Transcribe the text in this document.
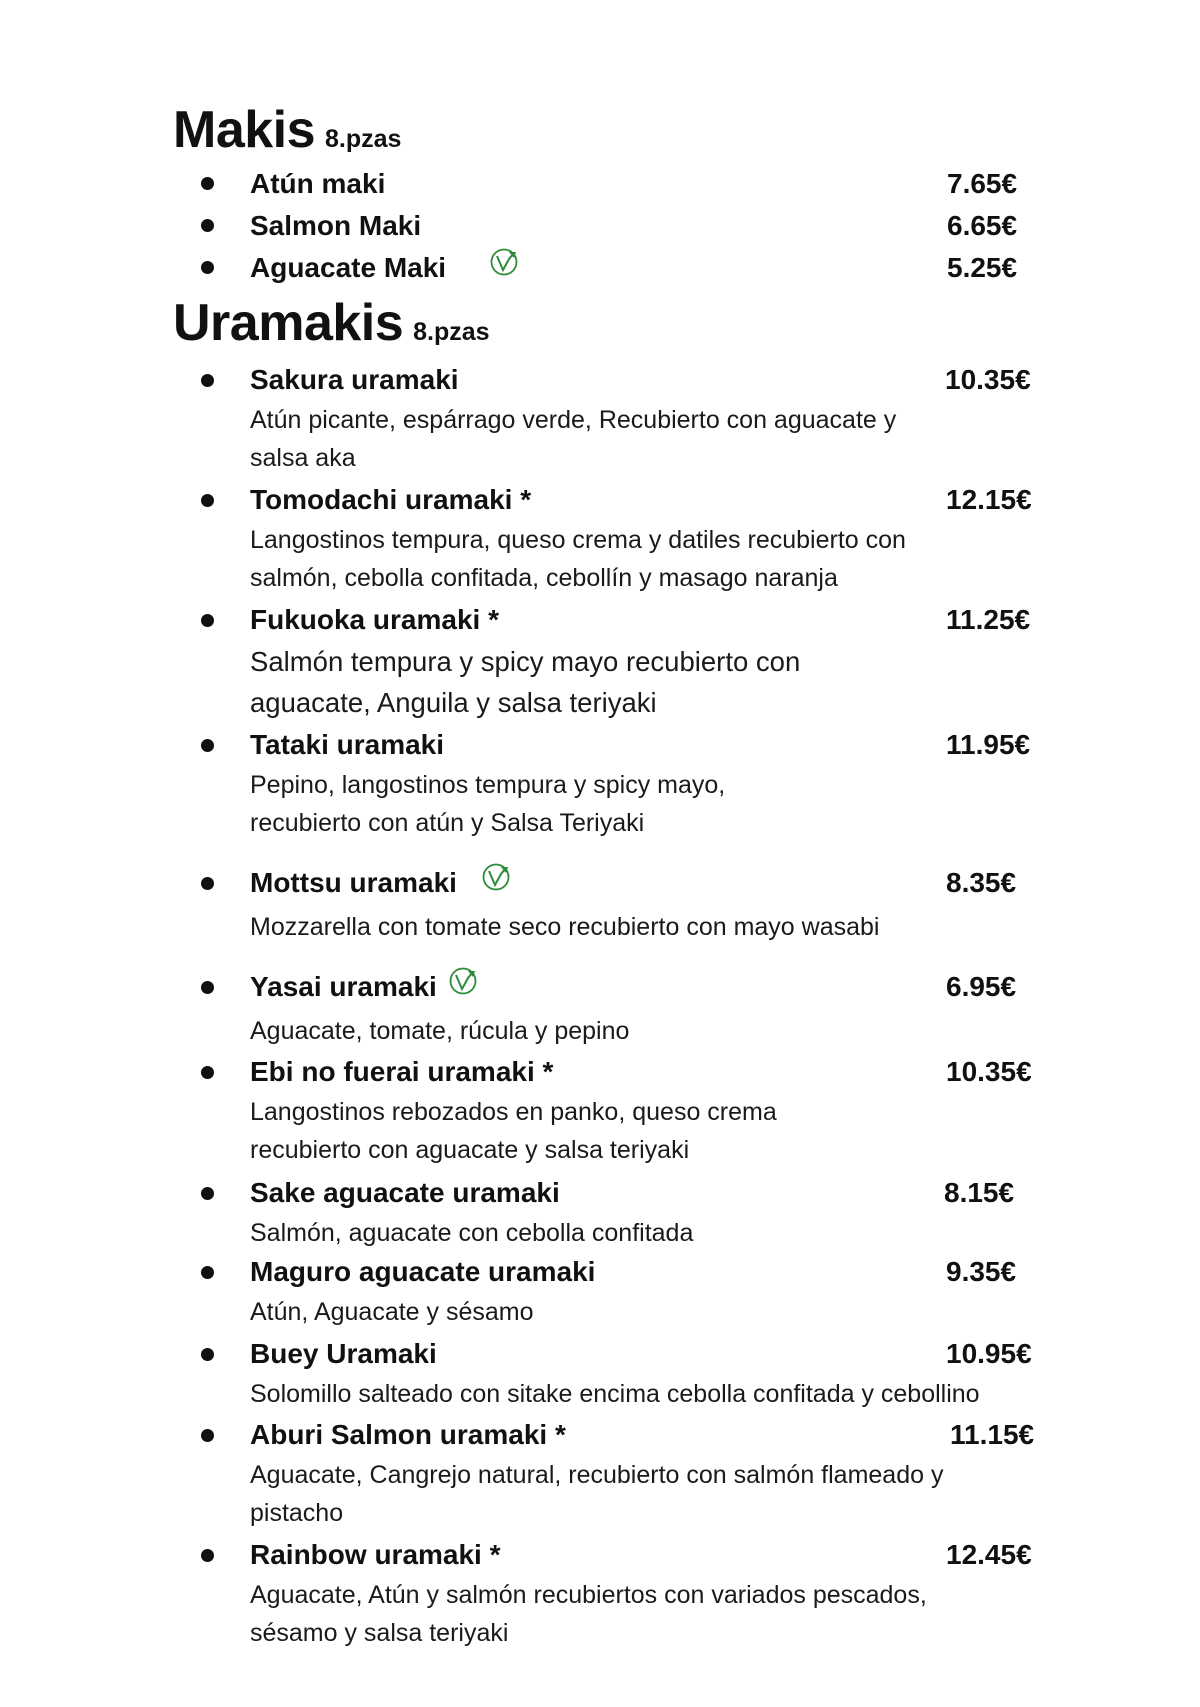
Makis 8.pzas
Atún maki	7.65€
Salmon Maki	6.65€
Aguacate Maki	5.25€
Uramakis 8.pzas
Sakura uramaki	10.35€
Atún picante, espárrago verde, Recubierto con aguacate y
salsa aka
Tomodachi uramaki *	12.15€
Langostinos tempura, queso crema y datiles recubierto con
salmón, cebolla confitada, cebollín y masago naranja
Fukuoka uramaki *	11.25€
Salmón tempura y spicy mayo recubierto con
aguacate, Anguila y salsa teriyaki
Tataki uramaki	11.95€
Pepino, langostinos tempura y spicy mayo,
recubierto con atún y Salsa Teriyaki
Mottsu uramaki	8.35€
Mozzarella con tomate seco recubierto con mayo wasabi
Yasai uramaki	6.95€
Aguacate, tomate, rúcula y pepino
Ebi no fuerai uramaki *	10.35€
Langostinos rebozados en panko, queso crema
recubierto con aguacate y salsa teriyaki
Sake aguacate uramaki	8.15€
Salmón, aguacate con cebolla confitada
Maguro aguacate uramaki	9.35€
Atún, Aguacate y sésamo
Buey Uramaki	10.95€
Solomillo salteado con sitake encima cebolla confitada y cebollino
Aburi Salmon uramaki *	11.15€
Aguacate, Cangrejo natural, recubierto con salmón flameado y
pistacho
Rainbow uramaki *	12.45€
Aguacate, Atún y salmón recubiertos con variados pescados,
sésamo y salsa teriyaki
